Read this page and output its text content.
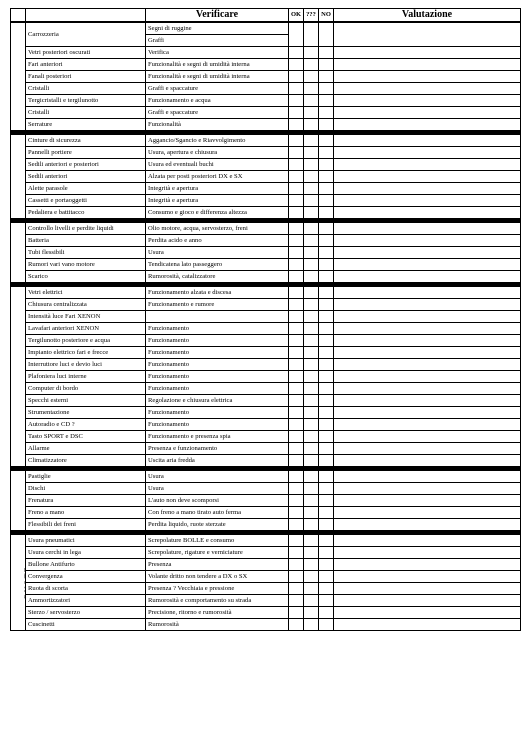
		Verificare	OK	???	NO	Valutazione
	Carrozzeria	Segni di ruggine				
		Graffi				
	Vetri posteriori oscurati	Verifica				
	Fari anteriori	Funzionalità e segni di umidità interna				
	Fanali posteriori	Funzionalità e segni di umidità interna				
	Cristalli	Graffi e spaccature				
	Tergicristalli e tergilunotto	Funzionamento e acqua				
	Cristalli	Graffi e spaccature				
	Serrature	Funzionalità				

	Cinture di sicurezza	Aggancio/Sgancio e Riavvolgimento				
	Pannelli portiere	Usura, apertura e chiusura				
	Sedili anteriori e posteriori	Usura ed eventuali buchi				
	Sedili anteriori	Alzata per posti posteriori DX e SX				
	Alette parasole	Integrità e apertura				
	Cassetti e portaoggetti	Integrità e apertura				
	Pedaliera e battitacco	Consumo e gioco e differenza altezza				

	Controllo livelli e perdite liquidi	Olio motore, acqua, servosterzo, freni				
	Batteria	Perdita acido e anno				
	Tubi flessibili	Usura				
	Rumori vari vano motore	Tendicatena lato passeggero				
	Scarico	Rumorosità, catalizzatore				

	Vetri elettrici	Funzionamento alzata e discesa				
	Chiusura centralizzata	Funzionamento e rumore				
	Intensità luce Fari XENON					
	Lavafari anteriori XENON	Funzionamento				
	Tergilunotto posteriore e acqua	Funzionamento				
	Impianto elettrico fari e frecce	Funzionamento				
	Interruttore luci e devio luci	Funzionamento				
	Plafoniera luci interne	Funzionamento				
	Computer di bordo	Funzionamento				
	Specchi esterni	Regolazione e chiusura elettrica				
	Strumentazione	Funzionamento				
	Autoradio e CD ?	Funzionamento				
	Tasto SPORT e DSC	Funzionamento e presenza spia				
	Allarme	Presenza e funzionamento				
	Climatizzatore	Uscita aria fredda				

	Pastiglie	Usura				
	Dischi	Usura				
	Frenatura	L'auto non deve scomporsi				
	Freno a mano	Con freno a mano tirato auto ferma				
	Flessibili dei freni	Perdita liquido, ruote sterzate				

RUOTE	Usura pneumatici	Screpolature BOLLE e consumo				
	Usura cerchi in lega	Screpolature, rigature e verniciature				
	Bullone Antifurto	Presenza				
	Convergenza	Volante dritto non tendere a DX o SX				
	Ruota di scorta	Presenza ? Vecchiaia e pressione				
	Ammortizzatori	Rumorosità e comportamento su strada				
	Sterzo / servosterzo	Precisione, ritorno e rumorosità				
	Cuscinetti	Rumorosità				
